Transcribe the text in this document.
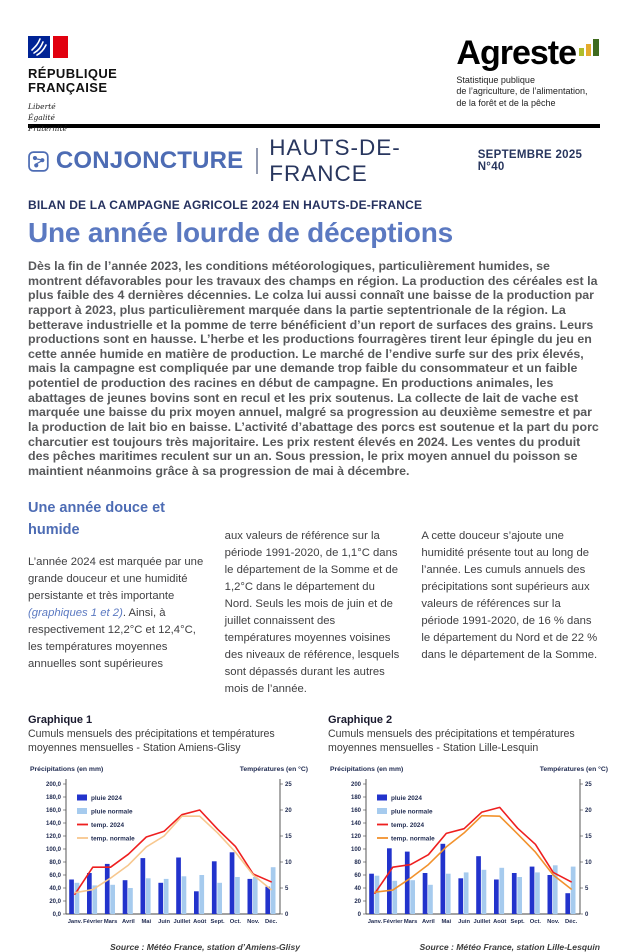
RÉPUBLIQUE
FRANÇAISE
Liberté
Égalité
Fraternité
Agreste
Statistique publique
de l’agriculture, de l’alimentation,
de la forêt et de la pêche
CONJONCTURE HAUTS-DE-FRANCE
SEPTEMBRE 2025 N°40
BILAN DE LA CAMPAGNE AGRICOLE 2024 EN HAUTS-DE-FRANCE
Une année lourde de déceptions

Dès la fin de l’année 2023, les conditions météorologiques, particulièrement humides, se montrent défavorables pour les travaux des champs en région. La production des céréales est la plus faible des 4 dernières décennies. Le colza lui aussi connaît une baisse de la production par rapport à 2023, plus particulièrement marquée dans la partie septentrionale de la région. La betterave industrielle et la pomme de terre bénéficient d’un report de surfaces des grains. Leurs productions sont en hausse. L’herbe et les productions fourragères tirent leur épingle du jeu en cette année humide en matière de production. Le marché de l’endive surfe sur des prix élevés, mais la campagne est compliquée par une demande trop faible du consommateur et un faible potentiel de production des racines en début de campagne. En productions animales, les abattages de jeunes bovins sont en recul et les prix soutenus. La collecte de lait de vache est marquée une baisse du prix moyen annuel, malgré sa progression au deuxième semestre et par la production de lait bio en baisse. L’activité d’abattage des porcs est soutenue et la part du porc charcutier est toujours très majoritaire. Les prix restent élevés en 2024. Les ventes du produit des pêches maritimes reculent sur un an. Sous pression, le prix moyen annuel du poisson se maintient néanmoins grâce à sa progression de mai à décembre.

Une année douce et humide
L’année 2024 est marquée par une grande douceur et une humidité persistante et très importante (graphiques 1 et 2). Ainsi, à respectivement 12,2°C et 12,4°C, les températures moyennes annuelles sont supérieures
aux valeurs de référence sur la période 1991-2020, de 1,1°C dans le département de la Somme et de 1,2°C dans le département du Nord. Seuls les mois de juin et de juillet connaissent des températures moyennes voisines des niveaux de référence, lesquels sont dépassés durant les autres mois de l’année.
A cette douceur s’ajoute une humidité présente tout au long de l’année. Les cumuls annuels des précipitations sont supérieurs aux valeurs de références sur la période 1991-2020, de 16 % dans le département du Nord et de 22 % dans le département de la Somme.
Graphique 1
Cumuls mensuels des précipitations et températures moyennes mensuelles - Station Amiens-Glisy
Précipitations (en mm)	Températures (en °C)
200,0
180,0
160,0
140,0
120,0
100,0
80,0
60,0
40,0
20,0
0,0
25
20
15
10
5
0
Janv. Février Mars Avril Mai Juin Juillet Août Sept. Oct. Nov. Déc.
pluie 2024
pluie normale
temp. 2024
temp. normale
Source : Météo France, station d’Amiens-Glisy
Graphique 2
Cumuls mensuels des précipitations et températures moyennes mensuelles - Station Lille-Lesquin
Précipitations (en mm)	Températures (en °C)
200
180
160
140
120
100
80
60
40
20
0
25
20
15
10
5
0
Janv. Février Mars Avril Mai Juin Juillet Août Sept. Oct. Nov. Déc.
pluie 2024
pluie normale
temp. 2024
temp. normale
Source : Météo France, station Lille-Lesquin
